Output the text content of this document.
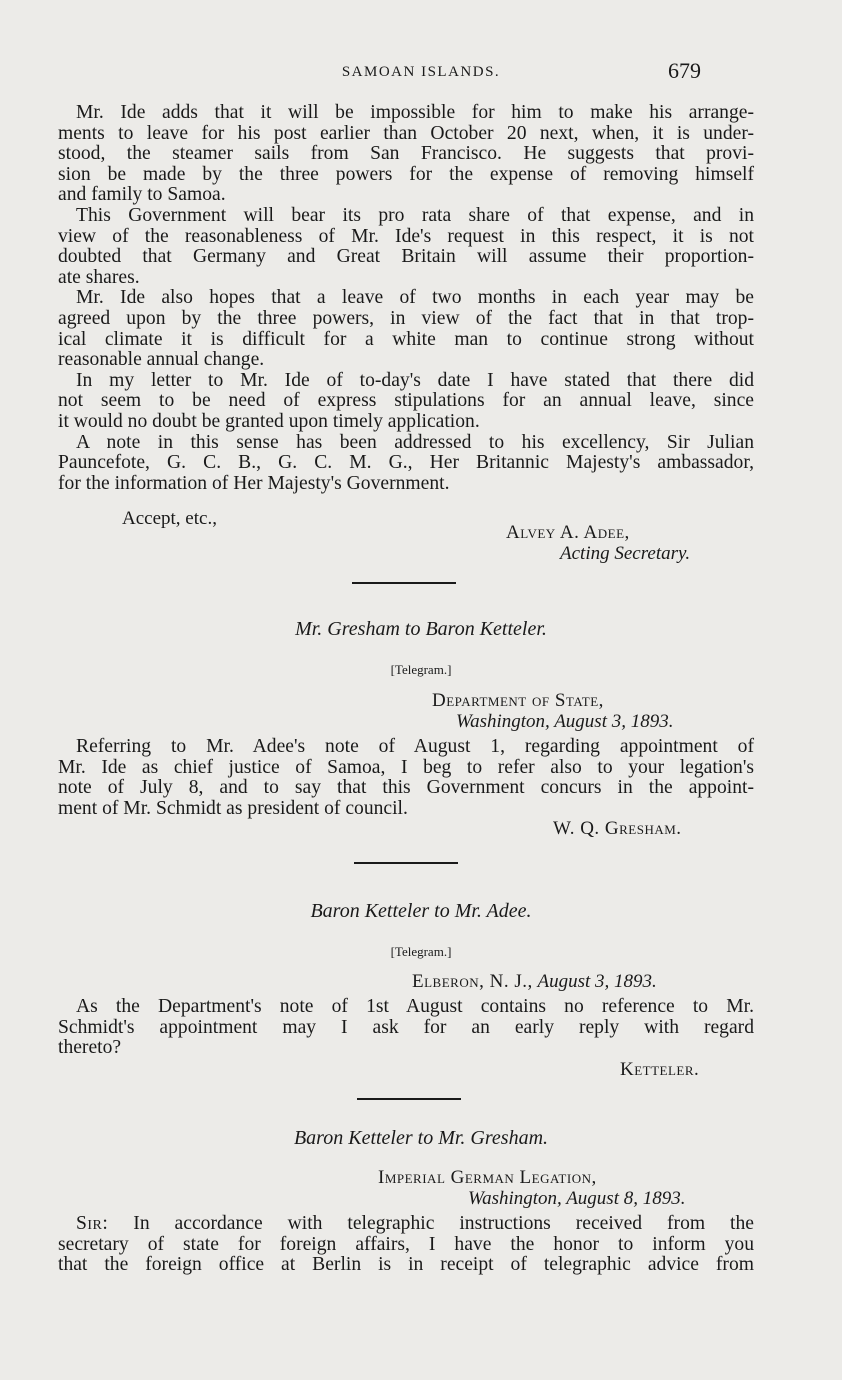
SAMOAN ISLANDS.	679

Mr. Ide adds that it will be impossible for him to make his arrange-
ments to leave for his post earlier than October 20 next, when, it is under-
stood, the steamer sails from San Francisco. He suggests that provi-
sion be made by the three powers for the expense of removing himself
and family to Samoa.

This Government will bear its pro rata share of that expense, and in
view of the reasonableness of Mr. Ide's request in this respect, it is not
doubted that Germany and Great Britain will assume their proportion-
ate shares.

Mr. Ide also hopes that a leave of two months in each year may be
agreed upon by the three powers, in view of the fact that in that trop-
ical climate it is difficult for a white man to continue strong without
reasonable annual change.

In my letter to Mr. Ide of to-day's date I have stated that there did
not seem to be need of express stipulations for an annual leave, since
it would no doubt be granted upon timely application.

A note in this sense has been addressed to his excellency, Sir Julian
Pauncefote, G. C. B., G. C. M. G., Her Britannic Majesty's ambassador,
for the information of Her Majesty's Government.

Accept, etc.,
Alvey A. Adee,
Acting Secretary.
Mr. Gresham to Baron Ketteler.
[Telegram.]
Department of State,
Washington, August 3, 1893.

Referring to Mr. Adee's note of August 1, regarding appointment of
Mr. Ide as chief justice of Samoa, I beg to refer also to your legation's
note of July 8, and to say that this Government concurs in the appoint-
ment of Mr. Schmidt as president of council.

W. Q. Gresham.
Baron Ketteler to Mr. Adee.
[Telegram.]
Elberon, N. J., August 3, 1893.

As the Department's note of 1st August contains no reference to Mr.
Schmidt's appointment may I ask for an early reply with regard
thereto?

Ketteler.
Baron Ketteler to Mr. Gresham.
Imperial German Legation,
Washington, August 8, 1893.

Sir: In accordance with telegraphic instructions received from the
secretary of state for foreign affairs, I have the honor to inform you
that the foreign office at Berlin is in receipt of telegraphic advice from
